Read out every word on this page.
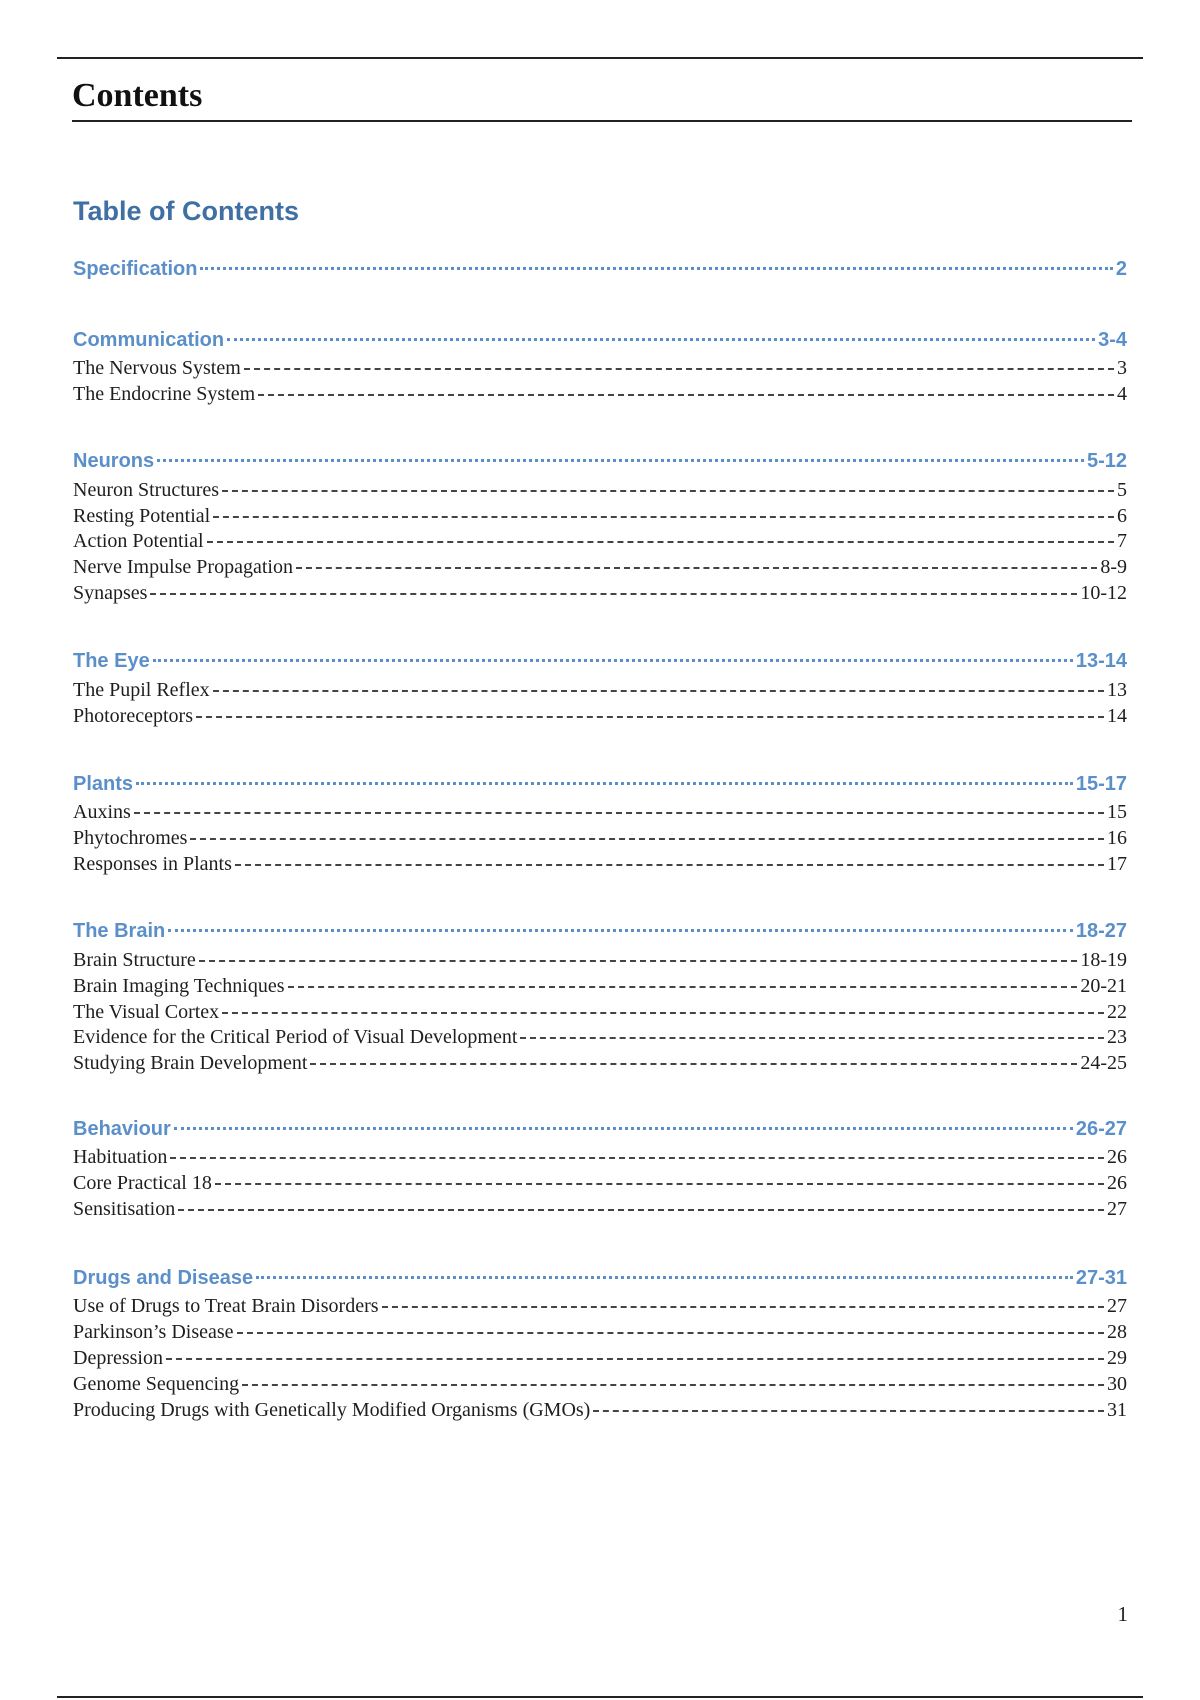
Contents
Table of Contents
Specification	2
Communication	3-4
The Nervous System	3
The Endocrine System	4
Neurons	5-12
Neuron Structures	5
Resting Potential	6
Action Potential	7
Nerve Impulse Propagation	8-9
Synapses	10-12
The Eye	13-14
The Pupil Reflex	13
Photoreceptors	14
Plants	15-17
Auxins	15
Phytochromes	16
Responses in Plants	17
The Brain	18-27
Brain Structure	18-19
Brain Imaging Techniques	20-21
The Visual Cortex	22
Evidence for the Critical Period of Visual Development	23
Studying Brain Development	24-25
Behaviour	26-27
Habituation	26
Core Practical 18	26
Sensitisation	27
Drugs and Disease	27-31
Use of Drugs to Treat Brain Disorders	27
Parkinson’s Disease	28
Depression	29
Genome Sequencing	30
Producing Drugs with Genetically Modified Organisms (GMOs)	31
1
